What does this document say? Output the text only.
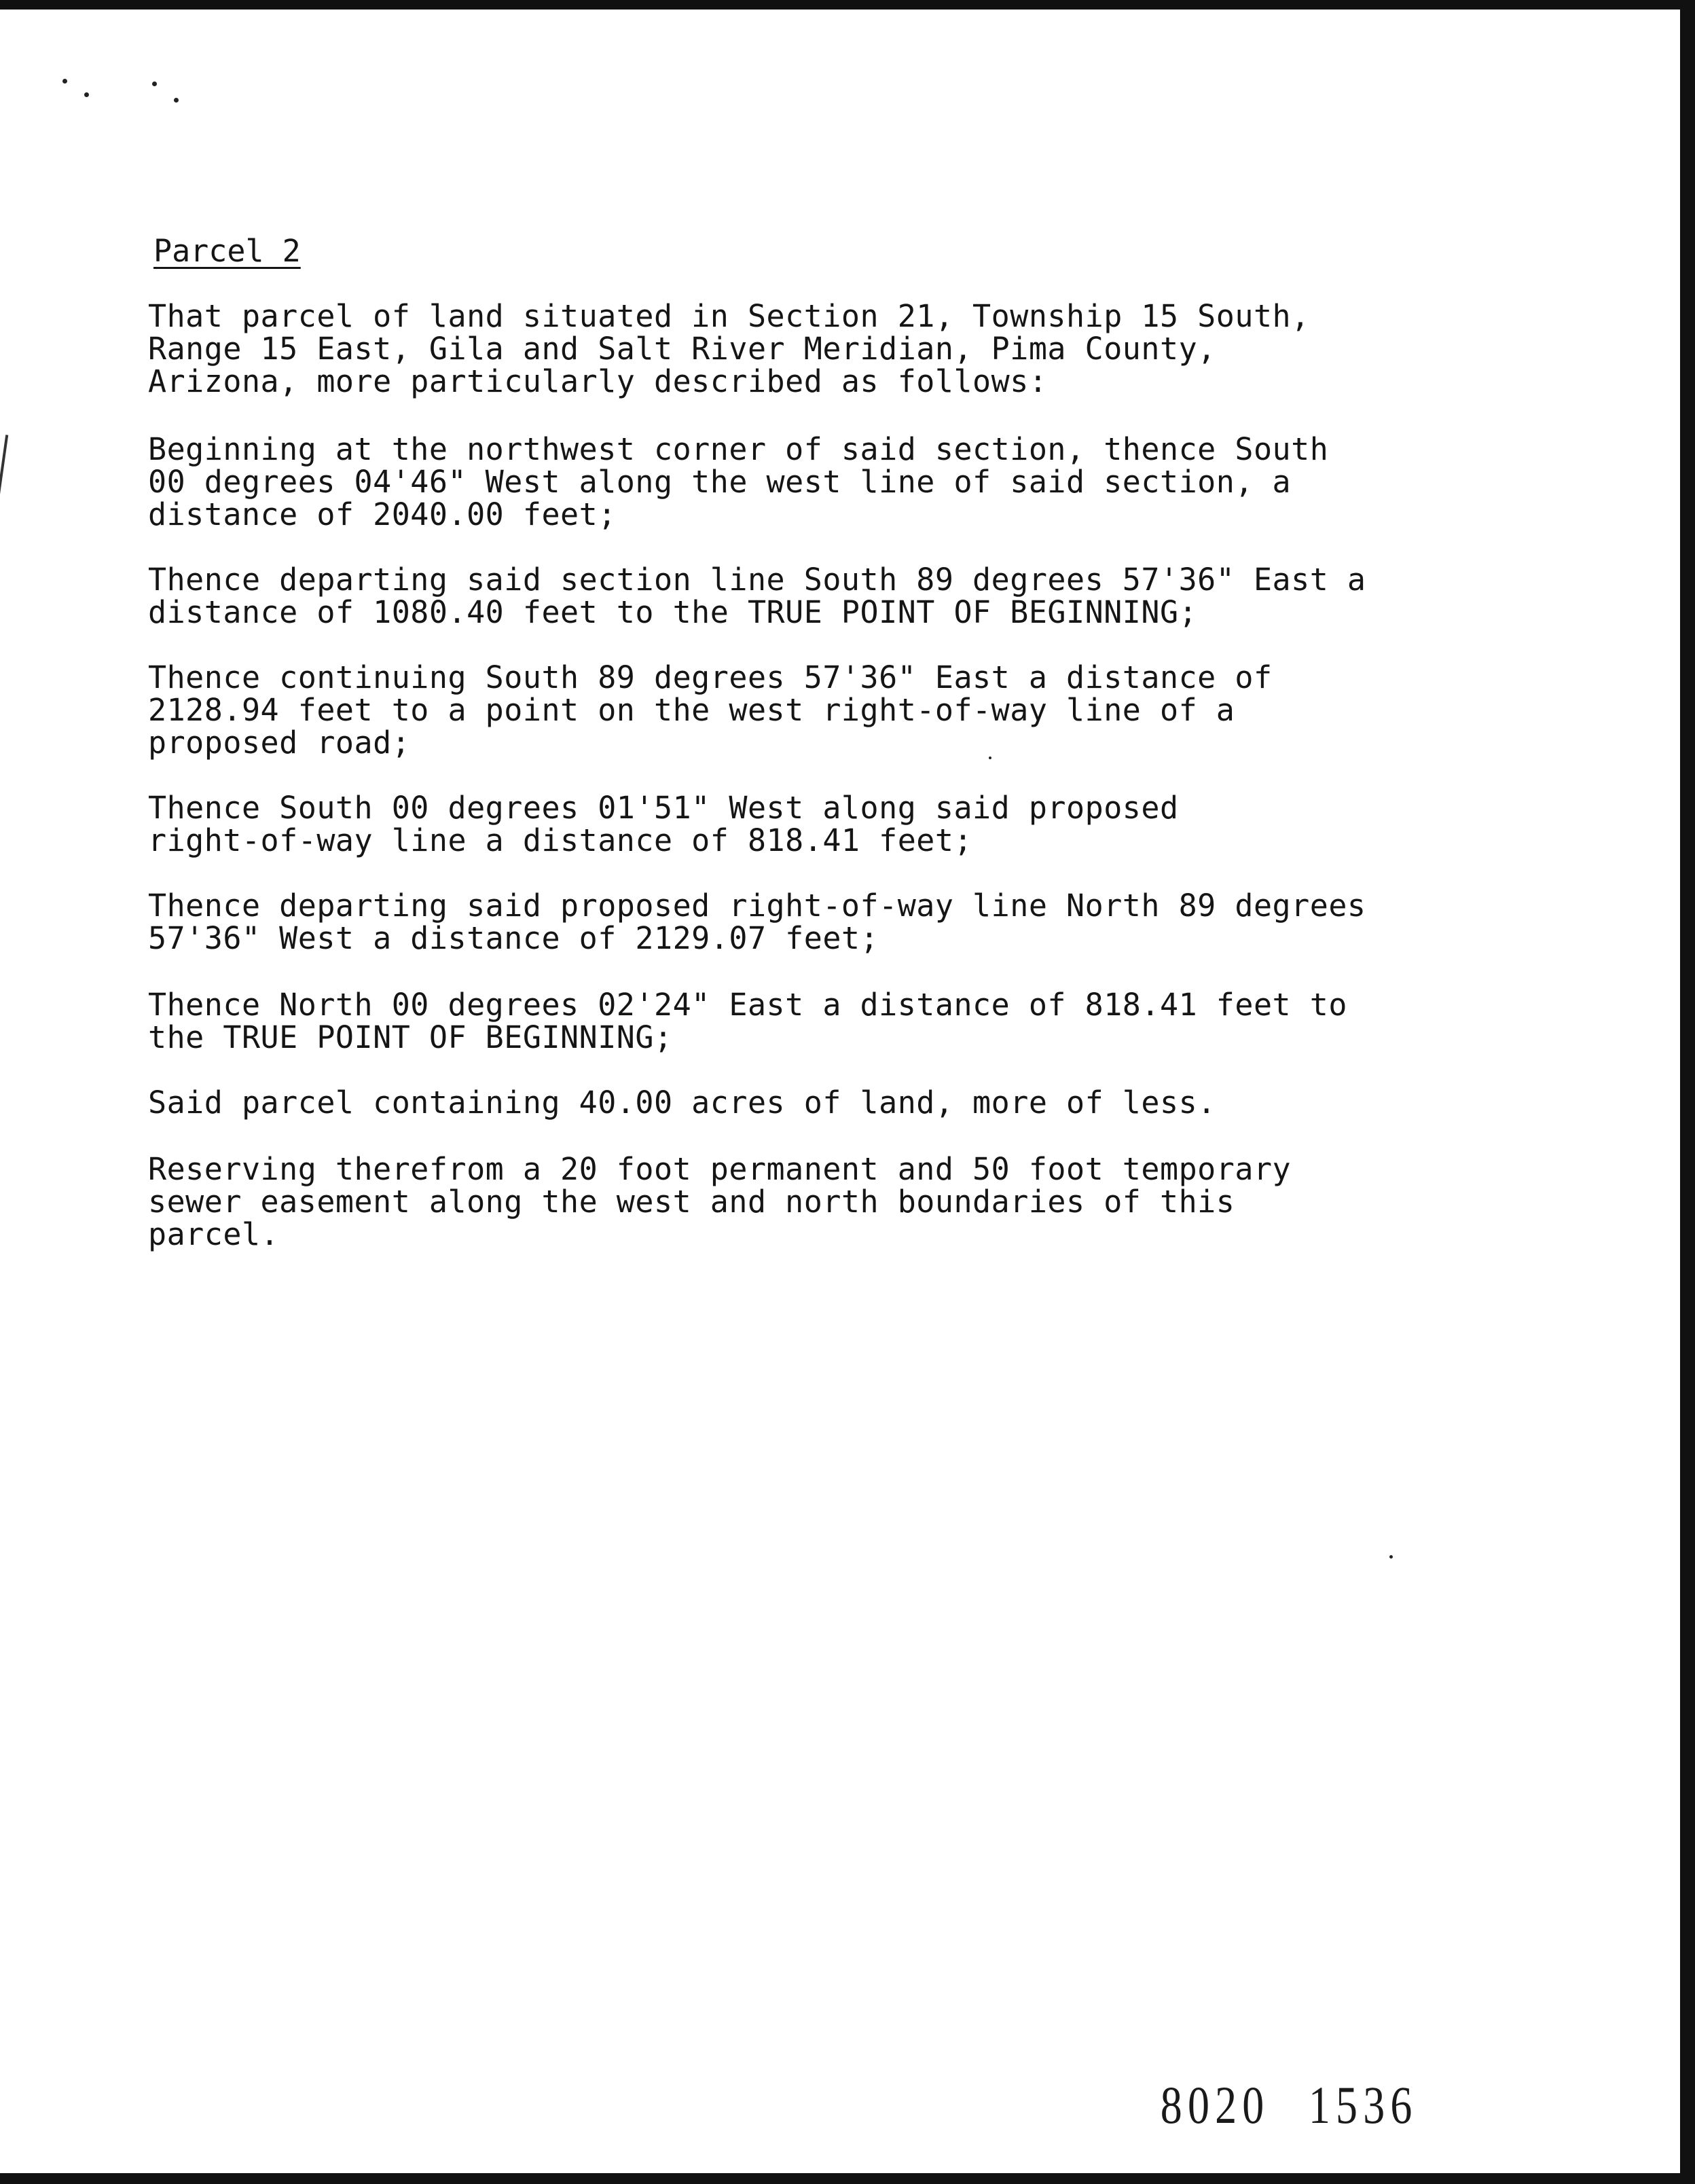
Parcel 2
That parcel of land situated in Section 21, Township 15 South,
Range 15 East, Gila and Salt River Meridian, Pima County,
Arizona, more particularly described as follows:
Beginning at the northwest corner of said section, thence South
00 degrees 04'46" West along the west line of said section, a
distance of 2040.00 feet;
Thence departing said section line South 89 degrees 57'36" East a
distance of 1080.40 feet to the TRUE POINT OF BEGINNING;
Thence continuing South 89 degrees 57'36" East a distance of
2128.94 feet to a point on the west right-of-way line of a
proposed road;
Thence South 00 degrees 01'51" West along said proposed
right-of-way line a distance of 818.41 feet;
Thence departing said proposed right-of-way line North 89 degrees
57'36" West a distance of 2129.07 feet;
Thence North 00 degrees 02'24" East a distance of 818.41 feet to
the TRUE POINT OF BEGINNING;
Said parcel containing 40.00 acres of land, more of less.
Reserving therefrom a 20 foot permanent and 50 foot temporary
sewer easement along the west and north boundaries of this
parcel.

8020 1536
